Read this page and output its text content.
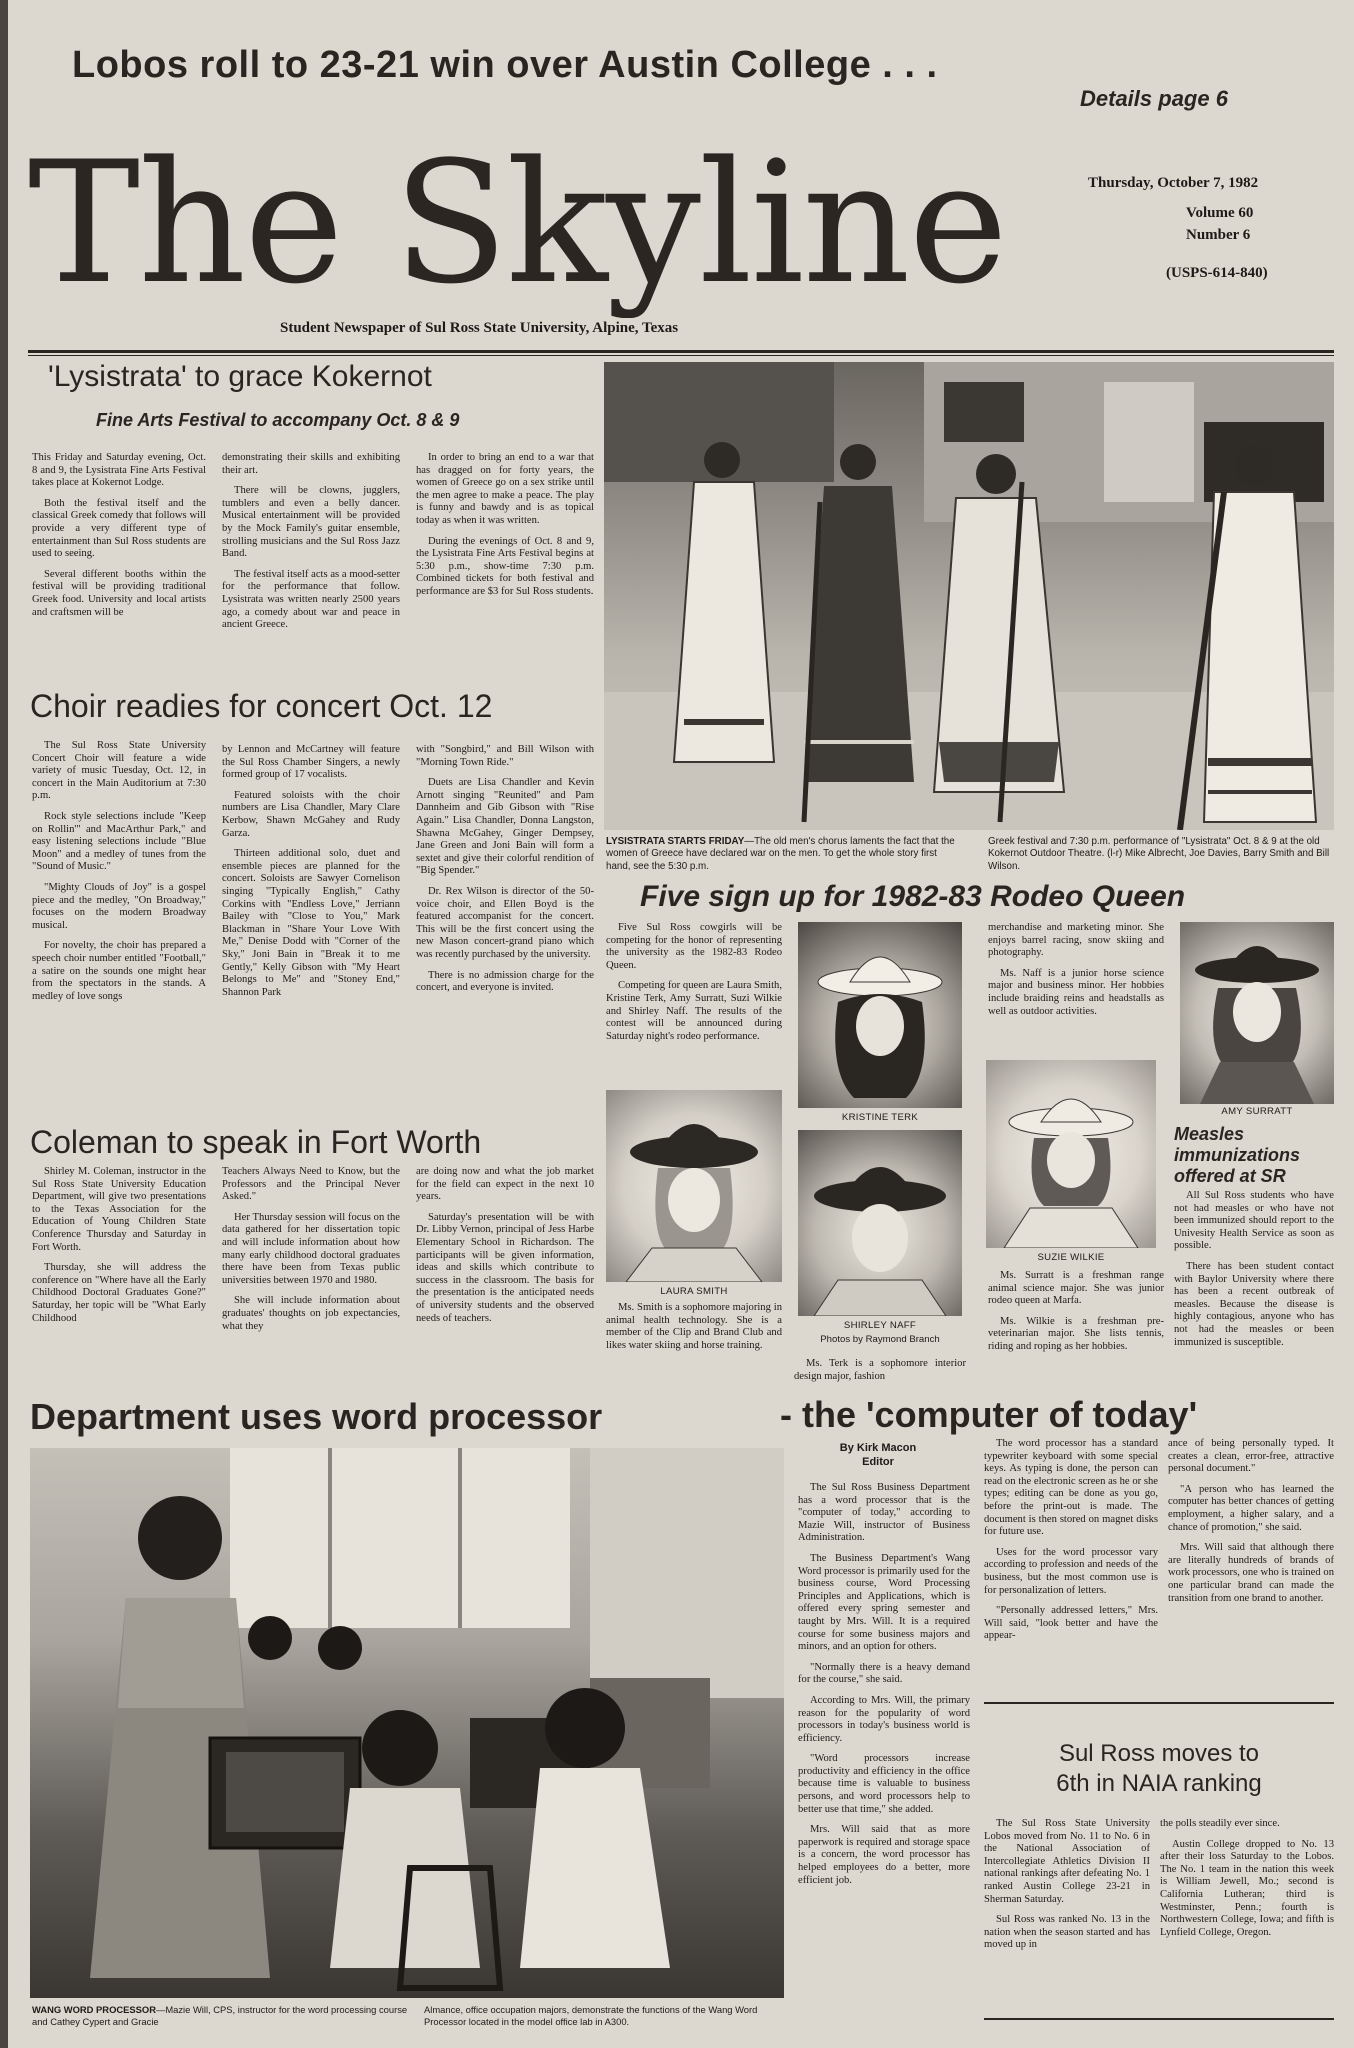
Lobos roll to 23-21 win over Austin College . . .
Details page 6
The Skyline	Thursday, October 7, 1982
Volume 60
Number 6
(USPS-614-840)
Student Newspaper of Sul Ross State University, Alpine, Texas
'Lysistrata' to grace Kokernot
Fine Arts Festival to accompany Oct. 8 & 9

This Friday and Saturday evening, Oct. 8 and 9, the Lysistrata Fine Arts Festival takes place at Kokernot Lodge.

Both the festival itself and the classical Greek comedy that follows will provide a very different type of entertainment than Sul Ross students are used to seeing.

Several different booths within the festival will be providing traditional Greek food. University and local artists and craftsmen will be

demonstrating their skills and exhibiting their art.

There will be clowns, jugglers, tumblers and even a belly dancer. Musical entertainment will be provided by the Mock Family's guitar ensemble, strolling musicians and the Sul Ross Jazz Band.

The festival itself acts as a mood-setter for the performance that follow. Lysistrata was written nearly 2500 years ago, a comedy about war and peace in ancient Greece.

In order to bring an end to a war that has dragged on for forty years, the women of Greece go on a sex strike until the men agree to make a peace. The play is funny and bawdy and is as topical today as when it was written.

During the evenings of Oct. 8 and 9, the Lysistrata Fine Arts Festival begins at 5:30 p.m., show-time 7:30 p.m. Combined tickets for both festival and performance are $3 for Sul Ross students.

LYSISTRATA STARTS FRIDAY—The old men's chorus laments the fact that the women of Greece have declared war on the men. To get the whole story first hand, see the 5:30 p.m.
Greek festival and 7:30 p.m. performance of "Lysistrata" Oct. 8 & 9 at the old Kokernot Outdoor Theatre. (l-r) Mike Albrecht, Joe Davies, Barry Smith and Bill Wilson.
Choir readies for concert Oct. 12

The Sul Ross State University Concert Choir will feature a wide variety of music Tuesday, Oct. 12, in concert in the Main Auditorium at 7:30 p.m.

Rock style selections include "Keep on Rollin'" and MacArthur Park," and easy listening selections include "Blue Moon" and a medley of tunes from the "Sound of Music."

"Mighty Clouds of Joy" is a gospel piece and the medley, "On Broadway," focuses on the modern Broadway musical.

For novelty, the choir has prepared a speech choir number entitled "Football," a satire on the sounds one might hear from the spectators in the stands. A medley of love songs

by Lennon and McCartney will feature the Sul Ross Chamber Singers, a newly formed group of 17 vocalists.

Featured soloists with the choir numbers are Lisa Chandler, Mary Clare Kerbow, Shawn McGahey and Rudy Garza.

Thirteen additional solo, duet and ensemble pieces are planned for the concert. Soloists are Sawyer Cornelison singing "Typically English," Cathy Corkins with "Endless Love," Jerriann Bailey with "Close to You," Mark Blackman in "Share Your Love With Me," Denise Dodd with "Corner of the Sky," Joni Bain in "Break it to me Gently," Kelly Gibson with "My Heart Belongs to Me" and "Stoney End," Shannon Park

with "Songbird," and Bill Wilson with "Morning Town Ride."

Duets are Lisa Chandler and Kevin Arnott singing "Reunited" and Pam Dannheim and Gib Gibson with "Rise Again." Lisa Chandler, Donna Langston, Shawna McGahey, Ginger Dempsey, Jane Green and Joni Bain will form a sextet and give their colorful rendition of "Big Spender."

Dr. Rex Wilson is director of the 50-voice choir, and Ellen Boyd is the featured accompanist for the concert. This will be the first concert using the new Mason concert-grand piano which was recently purchased by the university.

There is no admission charge for the concert, and everyone is invited.

Five sign up for 1982-83 Rodeo Queen

Five Sul Ross cowgirls will be competing for the honor of representing the university as the 1982-83 Rodeo Queen.

Competing for queen are Laura Smith, Kristine Terk, Amy Surratt, Suzi Wilkie and Shirley Naff. The results of the contest will be announced during Saturday night's rodeo performance.

KRISTINE TERK

merchandise and marketing minor. She enjoys barrel racing, snow skiing and photography.

Ms. Naff is a junior horse science major and business minor. Her hobbies include braiding reins and headstalls as well as outdoor activities.

AMY SURRATT
LAURA SMITH
SHIRLEY NAFF
Photos by Raymond Branch
SUZIE WILKIE

Ms. Smith is a sophomore majoring in animal health technology. She is a member of the Clip and Brand Club and likes water skiing and horse training.

Ms. Terk is a sophomore interior design major, fashion

Ms. Surratt is a freshman range animal science major. She was junior rodeo queen at Marfa.

Ms. Wilkie is a freshman pre-veterinarian major. She lists tennis, riding and roping as her hobbies.

Measles immunizations offered at SR

All Sul Ross students who have not had measles or who have not been immunized should report to the Univesity Health Service as soon as possible.

There has been student contact with Baylor University where there has been a recent outbreak of measles. Because the disease is highly contagious, anyone who has not had the measles or been immunized is susceptible.

Coleman to speak in Fort Worth

Shirley M. Coleman, instructor in the Sul Ross State University Education Department, will give two presentations to the Texas Association for the Education of Young Children State Conference Thursday and Saturday in Fort Worth.

Thursday, she will address the conference on "Where have all the Early Childhood Doctoral Graduates Gone?" Saturday, her topic will be "What Early Childhood

Teachers Always Need to Know, but the Professors and the Principal Never Asked."

Her Thursday session will focus on the data gathered for her dissertation topic and will include information about how many early childhood doctoral graduates there have been from Texas public universities between 1970 and 1980.

She will include information about graduates' thoughts on job expectancies, what they

are doing now and what the job market for the field can expect in the next 10 years.

Saturday's presentation will be with Dr. Libby Vernon, principal of Jess Harbe Elementary School in Richardson. The participants will be given information, ideas and skills which contribute to success in the classroom. The basis for the presentation is the anticipated needs of university students and the observed needs of teachers.

Department uses word processor	- the 'computer of today'
By Kirk Macon
Editor
WANG WORD PROCESSOR—Mazie Will, CPS, instructor for the word processing course and Cathey Cypert and Gracie
Almance, office occupation majors, demonstrate the functions of the Wang Word Processor located in the model office lab in A300.

The Sul Ross Business Department has a word processor that is the "computer of today," according to Mazie Will, instructor of Business Administration.

The Business Department's Wang Word processor is primarily used for the business course, Word Processing Principles and Applications, which is offered every spring semester and taught by Mrs. Will. It is a required course for some business majors and minors, and an option for others.

"Normally there is a heavy demand for the course," she said.

According to Mrs. Will, the primary reason for the popularity of word processors in today's business world is efficiency.

"Word processors increase productivity and efficiency in the office because time is valuable to business persons, and word processors help to better use that time," she added.

Mrs. Will said that as more paperwork is required and storage space is a concern, the word processor has helped employees do a better, more efficient job.

The word processor has a standard typewriter keyboard with some special keys. As typing is done, the person can read on the electronic screen as he or she types; editing can be done as you go, before the print-out is made. The document is then stored on magnet disks for future use.

Uses for the word processor vary according to profession and needs of the business, but the most common use is for personalization of letters.

"Personally addressed letters," Mrs. Will said, "look better and have the appear-

ance of being personally typed. It creates a clean, error-free, attractive personal document."

"A person who has learned the computer has better chances of getting employment, a higher salary, and a chance of promotion," she said.

Mrs. Will said that although there are literally hundreds of brands of work processors, one who is trained on one particular brand can made the transition from one brand to another.

Sul Ross moves to
6th in NAIA ranking

The Sul Ross State University Lobos moved from No. 11 to No. 6 in the National Association of Intercollegiate Athletics Division II national rankings after defeating No. 1 ranked Austin College 23-21 in Sherman Saturday.

Sul Ross was ranked No. 13 in the nation when the season started and has moved up in

the polls steadily ever since.

Austin College dropped to No. 13 after their loss Saturday to the Lobos. The No. 1 team in the nation this week is William Jewell, Mo.; second is California Lutheran; third is Westminster, Penn.; fourth is Northwestern College, Iowa; and fifth is Lynfield College, Oregon.
